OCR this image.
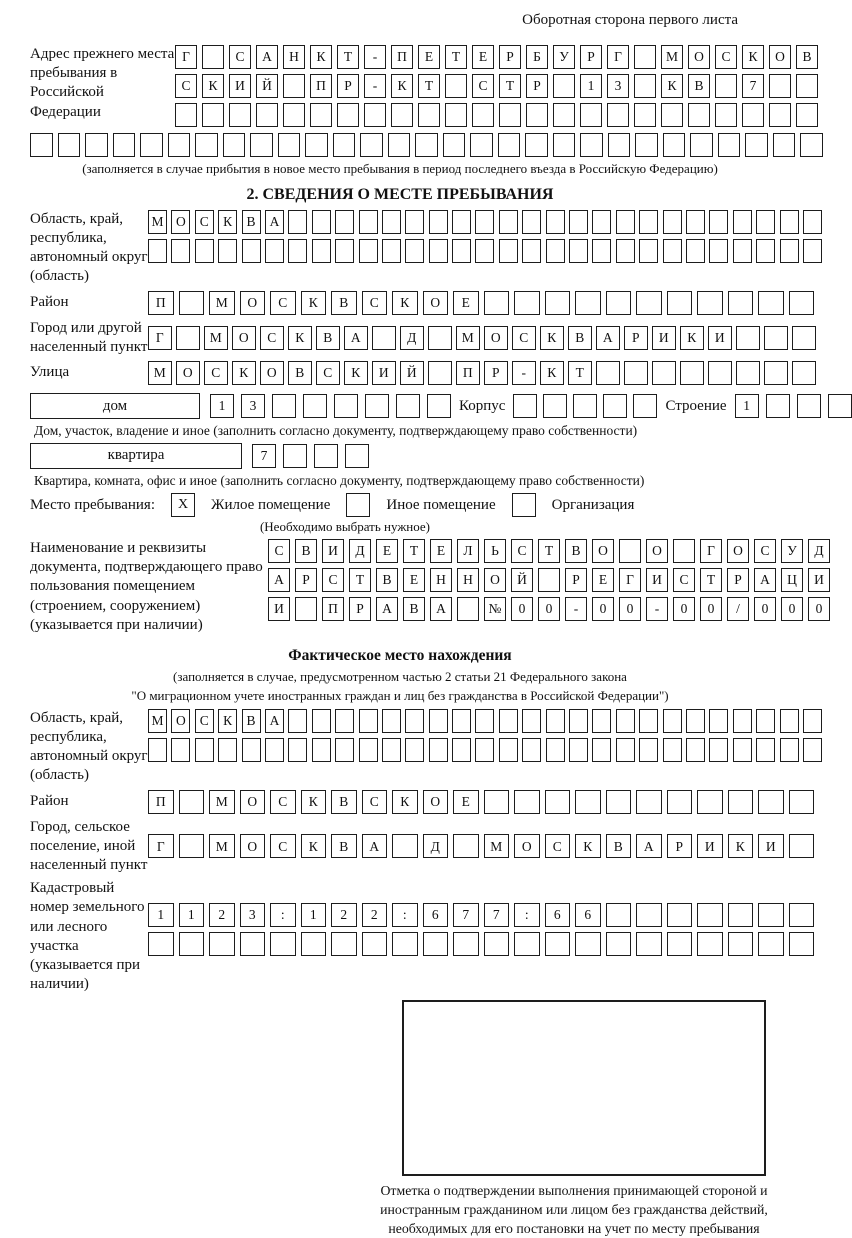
Оборотная сторона первого листа
Адрес прежнего места пребывания в Российской Федерации
Г	С	А	Н	К	Т	-	П	Е	Т	Е	Р	Б	У	Р	Г	М	О	С	К	О	В
С	К	И	Й	П	Р	-	К	Т	С	Т	Р	1	3	К	В	7
(заполняется в случае прибытия в новое место пребывания в период последнего въезда в Российскую Федерацию)
2. СВЕДЕНИЯ О МЕСТЕ ПРЕБЫВАНИЯ
Область, край, республика, автономный округ (область)
М О	С	К	В	А
Район	П	М	О	С	К	В	С	К	О	Е
Город или другой населенный пункт
Г	М	О	С	К	В	А	Д	М	О	С	К	В	А	Р	И	К	И
Улица	М	О	С	К	О	В	С	К	И	Й	П	Р	-	К	Т
дом	1	3	Корпус	Строение	1
Дом, участок, владение и иное (заполнить согласно документу, подтверждающему право собственности)
квартира	7
Квартира, комната, офис и иное (заполнить согласно документу, подтверждающему право собственности)
Место пребывания:	X	Жилое помещение	Иное помещение	Организация
(Необходимо выбрать нужное)
Наименование и реквизиты документа, подтверждающего право пользования помещением (строением, сооружением) (указывается при наличии)
С	В	И	Д	Е	Т	Е	Л	Ь	С	Т	В	О	О	Г	О	С	У	Д
А	Р	С	Т	В	Е	Н	Н	О	Й	Р	Е	Г	И	С	Т	Р	А	Ц	И
И	П	Р	А	В	А	№	0	0	-	0	0	-	0	0	/	0	0	0
Фактическое место нахождения
(заполняется в случае, предусмотренном частью 2 статьи 21 Федерального закона
"О миграционном учете иностранных граждан и лиц без гражданства в Российской Федерации")
Область, край, республика, автономный округ (область)
М О	С	К	В	А
Район	П	М	О	С	К	В	С	К	О	Е
Город, сельское поселение, иной населенный пункт
Г	М	О	С	К	В	А	Д	М	О	С	К	В	А	Р	И	К	И
Кадастровый номер земельного или лесного участка (указывается при наличии)
1	1	2	3	:	1	2	2	:	6	7	7	:	6	6
Отметка о подтверждении выполнения принимающей стороной и иностранным гражданином или лицом без гражданства действий, необходимых для его постановки на учет по месту пребывания
